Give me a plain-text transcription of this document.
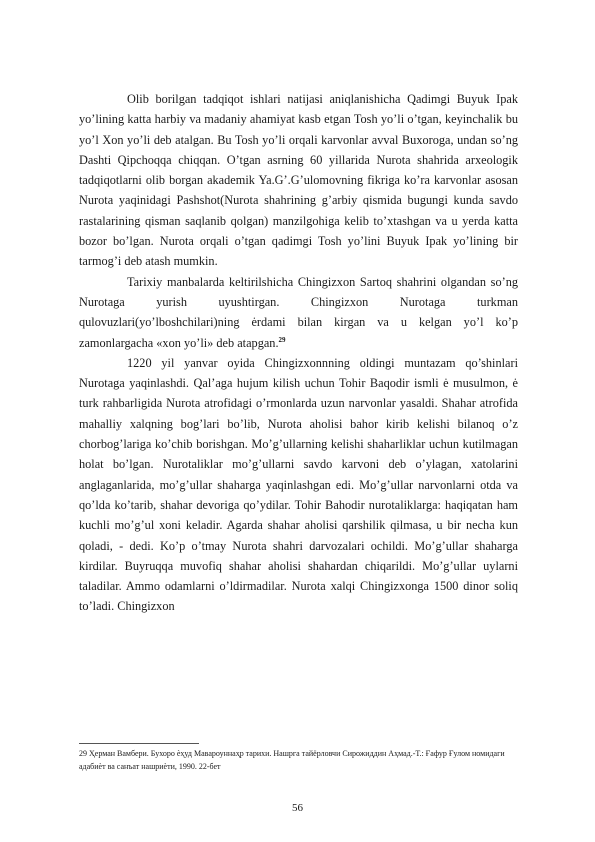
Olib borilgan tadqiqot ishlari natijasi aniqlanishicha Qadimgi Buyuk Ipak yo’lining katta harbiy va madaniy ahamiyat kasb etgan Tosh yo’li o’tgan, keyinchalik bu yo’l Xon yo’li deb atalgan. Bu Tosh yo’li orqali karvonlar avval Buxoroga, undan so’ng Dashti Qipchoqqa chiqqan. O’tgan asrning 60 yillarida Nurota shahrida arxeologik tadqiqotlarni olib borgan akademik Ya.G’.G’ulomovning fikriga ko’ra karvonlar asosan Nurota yaqinidagi Pashshot(Nurota shahrining g’arbiy qismida bugungi kunda savdo rastalarining qisman saqlanib qolgan) manzilgohiga kelib to’xtashgan va u yerda katta bozor bo’lgan. Nurota orqali o’tgan qadimgi Tosh yo’lini Buyuk Ipak yo’lining bir tarmog’i deb atash mumkin.

Tarixiy manbalarda keltirilshicha Chingizxon Sartoq shahrini olgandan so’ng Nurotaga yurish uyushtirgan. Chingizxon Nurotaga turkman qulovuzlari(yo’lboshchilari)ning ėrdami bilan kirgan va u kelgan yo’l ko’p zamonlargacha «xon yo’li» deb atapgan.$^{29}$

1220 yil yanvar oyida Chingizxonnning oldingi muntazam qo’shinlari Nurotaga yaqinlashdi. Qal’aga hujum kilish uchun Tohir Baqodir ismli ė musulmon, ė turk rahbarligida Nurota atrofidagi o’rmonlarda uzun narvonlar yasaldi. Shahar atrofida mahalliy xalqning bog’lari bo’lib, Nurota aholisi bahor kirib kelishi bilanoq o’z chorbog’lariga ko’chib borishgan. Mo’g’ullarning kelishi shaharliklar uchun kutilmagan holat bo’lgan. Nurotaliklar mo’g’ullarni savdo karvoni deb o’ylagan, xatolarini anglaganlarida, mo’g’ullar shaharga yaqinlashgan edi. Mo’g’ullar narvonlarni otda va qo’lda ko’tarib, shahar devoriga qo’ydilar. Tohir Bahodir nurotaliklarga: haqiqatan ham kuchli mo’g’ul xoni keladir. Agarda shahar aholisi qarshilik qilmasa, u bir necha kun qoladi, - dedi. Ko’p o’tmay Nurota shahri darvozalari ochildi. Mo’g’ullar shaharga kirdilar. Buyruqqa muvofiq shahar aholisi shahardan chiqarildi. Mo’g’ullar uylarni taladilar. Ammo odamlarni o’ldirmadilar. Nurota xalqi Chingizxonga 1500 dinor soliq to’ladi. Chingizxon

29 Ҳерман Вамбери. Бухоро ѐҳуд Мавароуннаҳр тарихи. Нашрга тайёрловчи Сирожиддин Аҳмад.-Т.: Ғафур Ғулом номидаги адабиѐт ва санъат нашриѐти, 1990. 22-бет

56
